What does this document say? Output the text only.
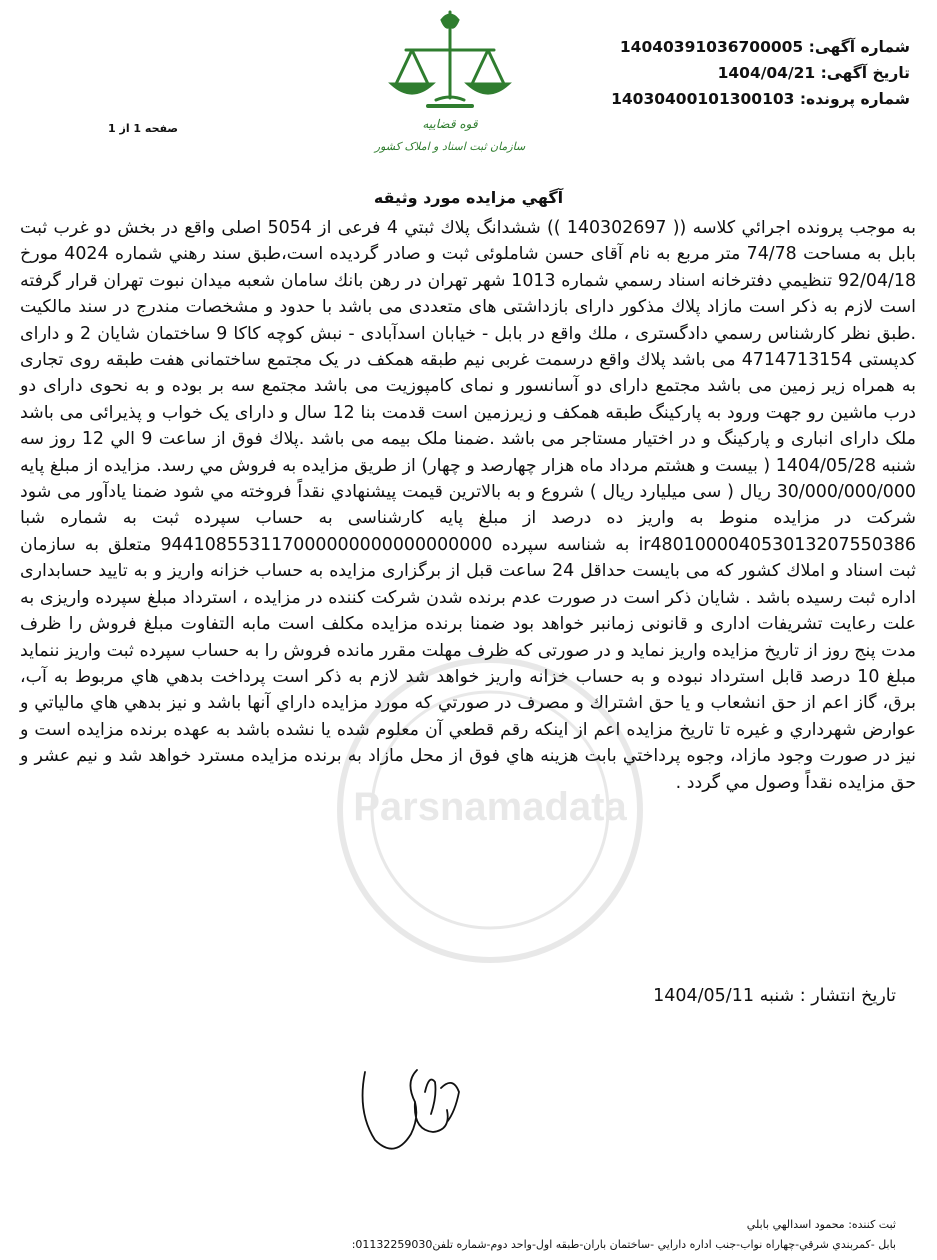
Parsnamadata
شماره آگهی: 14040391036700005
تاریخ آگهی: 1404/04/21
شماره پرونده: 14030400101300103
قوه قضاييه
سازمان ثبت اسناد و املاک کشور
صفحه 1 از 1
آگهي مزايده مورد وثيقه

به موجب پرونده اجرائي كلاسه (( 140302697 )) ششدانگ پلاك ثبتي 4 فرعی از 5054 اصلی واقع در بخش دو غرب ثبت بابل به مساحت 74/78 متر مربع به نام آقای حسن شاملوئی ثبت و صادر گرديده است،طبق سند رهني شماره 4024 مورخ 92/04/18 تنظيمي دفترخانه اسناد رسمي شماره 1013 شهر تهران در رهن بانك سامان شعبه ميدان نبوت تهران قرار گرفته است لازم به ذكر است مازاد پلاك مذكور دارای بازداشتی های متعددی می باشد با حدود و مشخصات مندرج در سند مالكيت .طبق نظر كارشناس رسمي دادگستری ، ملك واقع در بابل - خيابان اسدآبادی - نبش كوچه كاكا 9 ساختمان شايان 2 و دارای كدپستی 4714713154 می باشد پلاك واقع درسمت غربی نيم طبقه همكف در يک مجتمع ساختمانی هفت طبقه روی تجاری به همراه زير زمين می باشد مجتمع دارای دو آسانسور و نمای كامپوزيت می باشد مجتمع سه بر بوده و به نحوی دارای دو درب ماشين رو جهت ورود به پاركينگ طبقه همكف و زيرزمين است قدمت بنا 12 سال و دارای يک خواب و پذيرائی می باشد ملک دارای انباری و پاركينگ و در اختيار مستاجر می باشد .ضمنا ملک بيمه می باشد .پلاك فوق از ساعت 9 الي 12 روز سه شنبه 1404/05/28 ( بيست و هشتم مرداد ماه هزار چهارصد و چهار) از طريق مزايده به فروش مي رسد. مزايده از مبلغ پايه 30/000/000/000 ريال ( سی ميليارد ريال ) شروع و به بالاترين قيمت پيشنهادي نقداً فروخته مي شود ضمنا يادآور می شود شركت در مزايده منوط به واريز ده درصد از مبلغ پايه كارشناسی به حساب سپرده ثبت به شماره شبا ir480100004053013207550386 به شناسه سپرده 944108553117000000000000000000 متعلق به سازمان ثبت اسناد و املاك كشور كه می بايست حداقل 24 ساعت قبل از برگزاری مزايده به حساب خزانه واريز و به تاييد حسابداری اداره ثبت رسيده باشد . شايان ذكر است در صورت عدم برنده شدن شركت كننده در مزايده ، استرداد مبلغ سپرده واريزی به علت رعايت تشريفات اداری و قانونی زمانبر خواهد بود ضمنا برنده مزايده مكلف است مابه التفاوت مبلغ فروش را ظرف مدت پنج روز از تاريخ مزايده واريز نمايد و در صورتی كه ظرف مهلت مقرر مانده فروش را به حساب سپرده ثبت واريز ننمايد مبلغ 10 درصد قابل استرداد نبوده و به حساب خزانه واريز خواهد شد لازم به ذكر است پرداخت بدهي هاي مربوط به آب، برق، گاز اعم از حق انشعاب و يا حق اشتراك و مصرف در صورتي كه مورد مزايده داراي آنها باشد و نيز بدهي هاي مالياتي و عوارض شهرداري و غيره تا تاريخ مزايده اعم از اينكه رقم قطعي آن معلوم شده يا نشده باشد به عهده برنده مزايده است و نيز در صورت وجود مازاد، وجوه پرداختي بابت هزينه هاي فوق از محل مازاد به برنده مزايده مسترد خواهد شد و نيم عشر و حق مزايده نقداً وصول مي گردد .

تاریخ انتشار : شنبه 1404/05/11
ثبت كننده: محمود اسدالهي بابلي
بابل -كمربندي شرقي-چهاراه نواب-جنب اداره دارايي -ساختمان باران-طبقه اول-واحد دوم-شماره تلفن01132259030:
